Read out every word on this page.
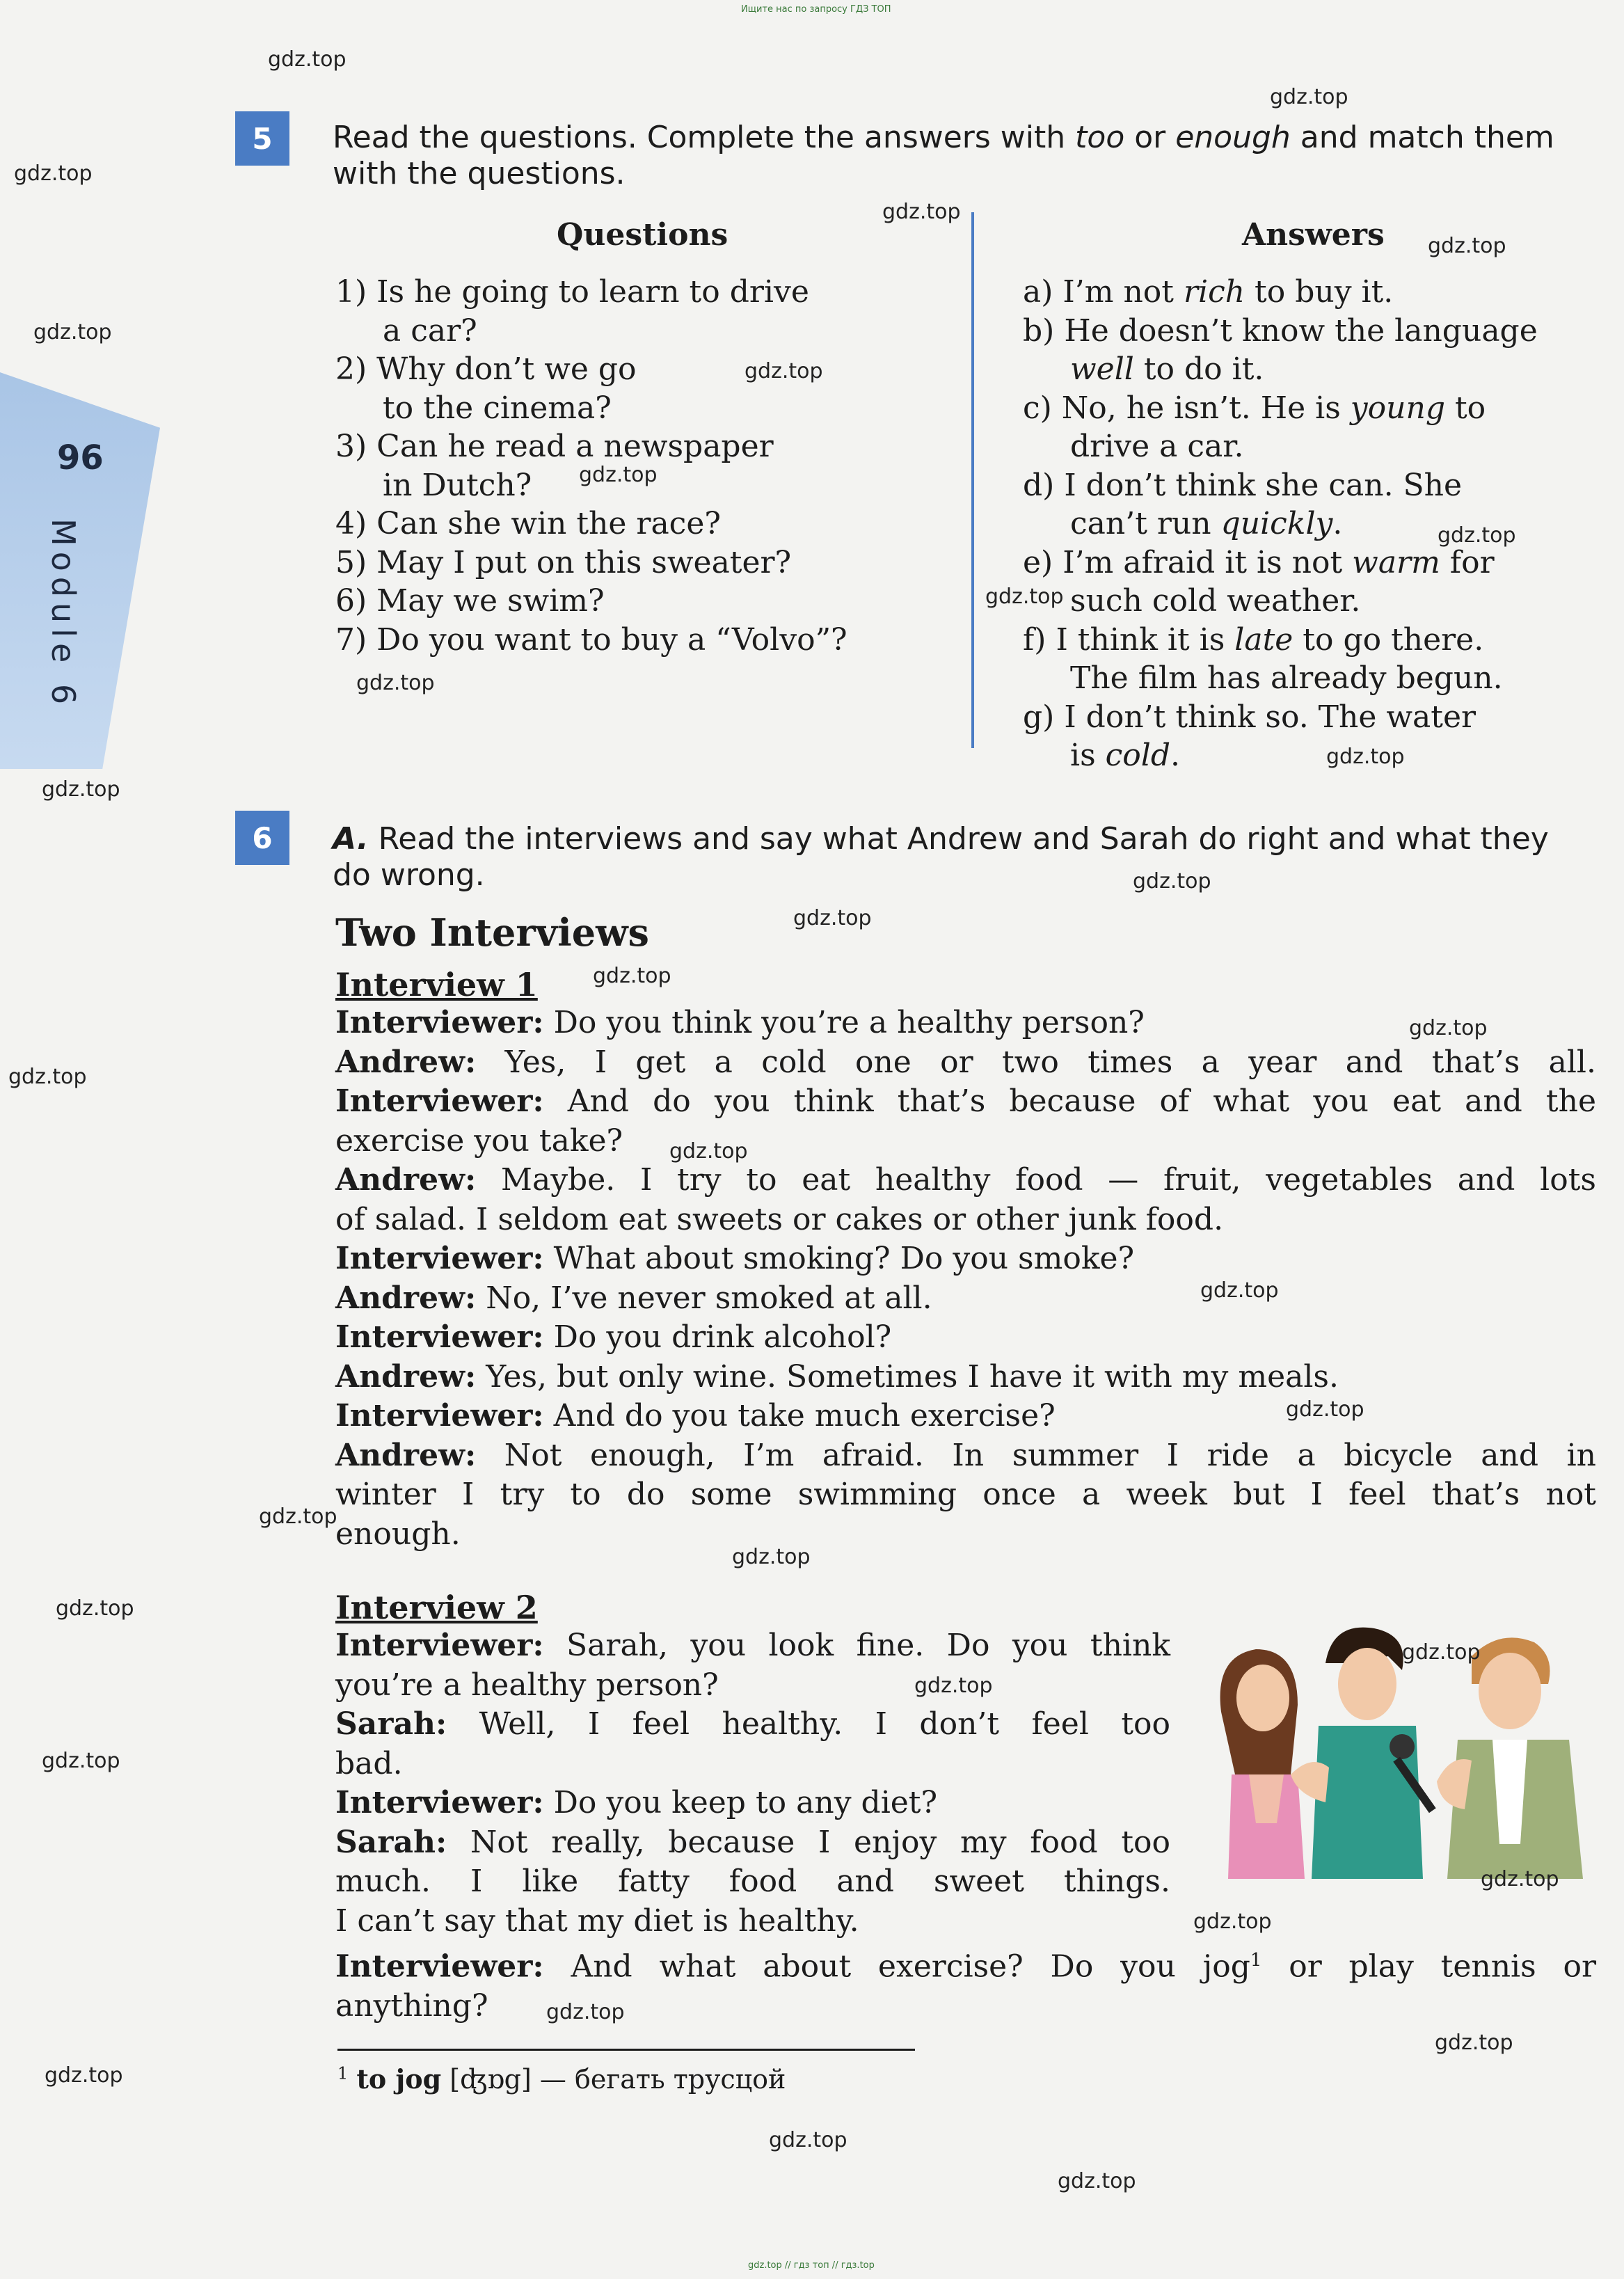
Ищите нас по запросу ГДЗ ТОП
gdz.top // гдз топ // гдз.top
96
Module 6
5	Read the questions. Complete the answers with too or enough and match them
with the questions.
Questions	Answers
1) Is he going to learn to drive
a car?
2) Why don’t we go
to the cinema?
3) Can he read a newspaper
in Dutch?
4) Can she win the race?
5) May I put on this sweater?
6) May we swim?
7) Do you want to buy a “Volvo”?
a) I’m not rich to buy it.
b) He doesn’t know the language
well to do it.
c) No, he isn’t. He is young to
drive a car.
d) I don’t think she can. She
can’t run quickly.
e) I’m afraid it is not warm for
such cold weather.
f) I think it is late to go there.
The film has already begun.
g) I don’t think so. The water
is cold.
6	A. Read the interviews and say what Andrew and Sarah do right and what they
do wrong.
Two Interviews
Interview 1
Interviewer: Do you think you’re a healthy person?
Andrew: Yes, I get a cold one or two times a year and that’s all.
Interviewer: And do you think that’s because of what you eat and the
exercise you take?
Andrew: Maybe. I try to eat healthy food — fruit, vegetables and lots
of salad. I seldom eat sweets or cakes or other junk food.
Interviewer: What about smoking? Do you smoke?
Andrew: No, I’ve never smoked at all.
Interviewer: Do you drink alcohol?
Andrew: Yes, but only wine. Sometimes I have it with my meals.
Interviewer: And do you take much exercise?
Andrew: Not enough, I’m afraid. In summer I ride a bicycle and in
winter I try to do some swimming once a week but I feel that’s not
enough.
Interview 2
Interviewer: Sarah, you look fine. Do you think
you’re a healthy person?
Sarah: Well, I feel healthy. I don’t feel too
bad.
Interviewer: Do you keep to any diet?
Sarah: Not really, because I enjoy my food too
much. I like fatty food and sweet things.
I can’t say that my diet is healthy.
Interviewer: And what about exercise? Do you jog$^1$ or play tennis or
anything?
$^1$ to jog [ʤɒg] — бегать трусцой
gdz.top
gdz.top
gdz.top
gdz.top
gdz.top
gdz.top
gdz.top
gdz.top
gdz.top
gdz.top
gdz.top
gdz.top
gdz.top
gdz.top
gdz.top
gdz.top
gdz.top
gdz.top
gdz.top
gdz.top
gdz.top
gdz.top
gdz.top
gdz.top
gdz.top
gdz.top
gdz.top
gdz.top
gdz.top
gdz.top
gdz.top
gdz.top
gdz.top
gdz.top
